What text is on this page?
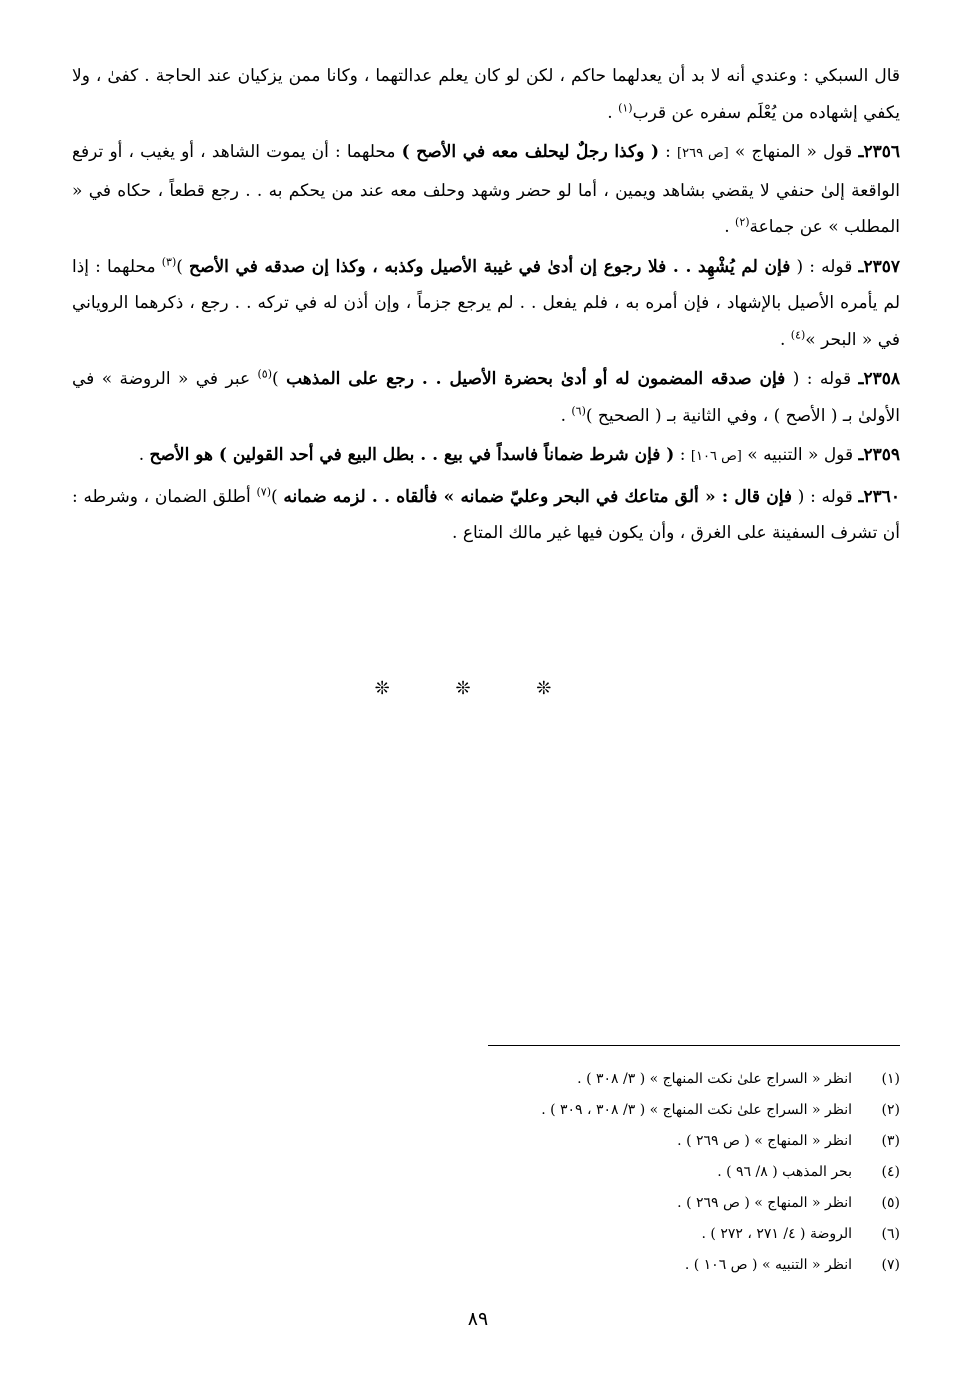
قال السبكي : وعندي أنه لا بد أن يعدلهما حاكم ، لكن لو كان يعلم عدالتهما ، وكانا ممن يزكيان عند الحاجة . كفىٰ ، ولا يكفي إشهاده من يُعْلَم سفره عن قرب$^{(١)}$ .

٢٣٥٦ـ قول « المنهاج » [ص ٢٦٩] : ( وكذا رجلٌ ليحلف معه في الأصح ) محلهما : أن يموت الشاهد ، أو يغيب ، أو ترفع الواقعة إلىٰ حنفي لا يقضي بشاهد ويمين ، أما لو حضر وشهد وحلف معه عند من يحكم به . . رجع قطعاً ، حكاه في « المطلب » عن جماعة$^{(٢)}$ .

٢٣٥٧ـ قوله : ( فإن لم يُشْهِد . . فلا رجوع إن أدىٰ في غيبة الأصيل وكذبه ، وكذا إن صدقه في الأصح )$^{(٣)}$ محلهما : إذا لم يأمره الأصيل بالإشهاد ، فإن أمره به ، فلم يفعل . . لم يرجع جزماً ، وإن أذن له في تركه . . رجع ، ذكرهما الروياني في « البحر »$^{(٤)}$ .

٢٣٥٨ـ قوله : ( فإن صدقه المضمون له أو أدىٰ بحضرة الأصيل . . رجع على المذهب )$^{(٥)}$ عبر في « الروضة » في الأولىٰ بـ ( الأصح ) ، وفي الثانية بـ ( الصحيح )$^{(٦)}$ .

٢٣٥٩ـ قول « التنبيه » [ص ١٠٦] : ( فإن شرط ضماناً فاسداً في بيع . . بطل البيع في أحد القولين ) هو الأصح .

٢٣٦٠ـ قوله : ( فإن قال : « ألق متاعك في البحر وعليّ ضمانه » فألقاه . . لزمه ضمانه )$^{(٧)}$ أطلق الضمان ، وشرطه : أن تشرف السفينة على الغرق ، وأن يكون فيها غير مالك المتاع .

❊ ❊ ❊
(١)
انظر « السراج علىٰ نكت المنهاج » ( ٣/ ٣٠٨ ) .
(٢)
انظر « السراج علىٰ نكت المنهاج » ( ٣/ ٣٠٨ ، ٣٠٩ ) .
(٣)
انظر « المنهاج » ( ص ٢٦٩ ) .
(٤)
بحر المذهب ( ٨/ ٩٦ ) .
(٥)
انظر « المنهاج » ( ص ٢٦٩ ) .
(٦)
الروضة ( ٤/ ٢٧١ ، ٢٧٢ ) .
(٧)
انظر « التنبيه » ( ص ١٠٦ ) .
٨٩
